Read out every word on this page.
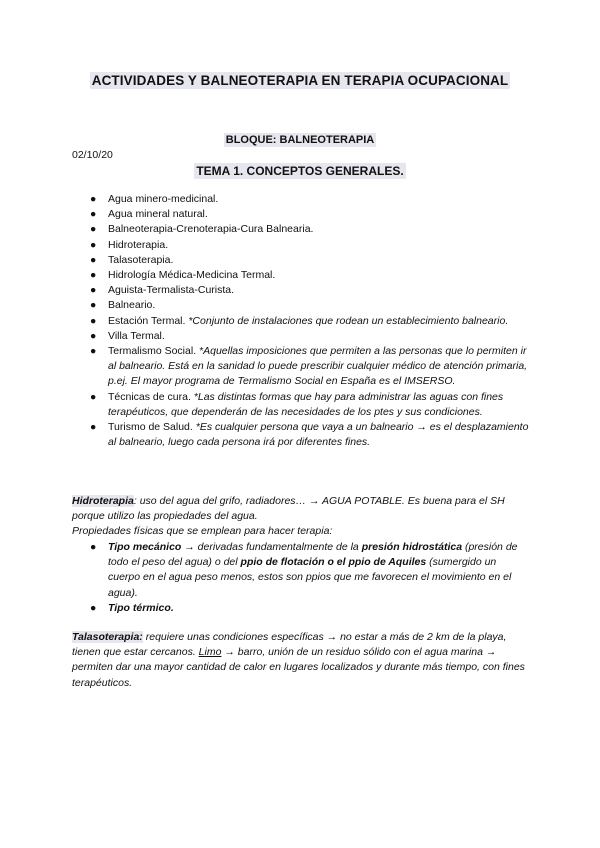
ACTIVIDADES Y BALNEOTERAPIA EN TERAPIA OCUPACIONAL
BLOQUE: BALNEOTERAPIA
02/10/20
TEMA 1. CONCEPTOS GENERALES.
● Agua minero-medicinal.
● Agua mineral natural.
● Balneoterapia-Crenoterapia-Cura Balnearia.
● Hidroterapia.
● Talasoterapia.
● Hidrología Médica-Medicina Termal.
● Aguista-Termalista-Curista.
● Balneario.
● Estación Termal. *Conjunto de instalaciones que rodean un establecimiento balneario.
● Villa Termal.
● Termalismo Social. *Aquellas imposiciones que permiten a las personas que lo permiten ir al balneario. Está en la sanidad lo puede prescribir cualquier médico de atención primaria, p.ej. El mayor programa de Termalismo Social en España es el IMSERSO.
● Técnicas de cura. *Las distintas formas que hay para administrar las aguas con fines terapéuticos, que dependerán de las necesidades de los ptes y sus condiciones.
● Turismo de Salud. *Es cualquier persona que vaya a un balneario → es el desplazamiento al balneario, luego cada persona irá por diferentes fines.
Hidroterapia: uso del agua del grifo, radiadores… → AGUA POTABLE. Es buena para el SH porque utilizo las propiedades del agua.
Propiedades físicas que se emplean para hacer terapia:
● Tipo mecánico → derivadas fundamentalmente de la presión hidrostática (presión de todo el peso del agua) o del ppio de flotación o el ppio de Aquiles (sumergido un cuerpo en el agua peso menos, estos son ppios que me favorecen el movimiento en el agua).
● Tipo térmico.
Talasoterapia: requiere unas condiciones específicas → no estar a más de 2 km de la playa, tienen que estar cercanos. Limo → barro, unión de un residuo sólido con el agua marina → permiten dar una mayor cantidad de calor en lugares localizados y durante más tiempo, con fines terapéuticos.
